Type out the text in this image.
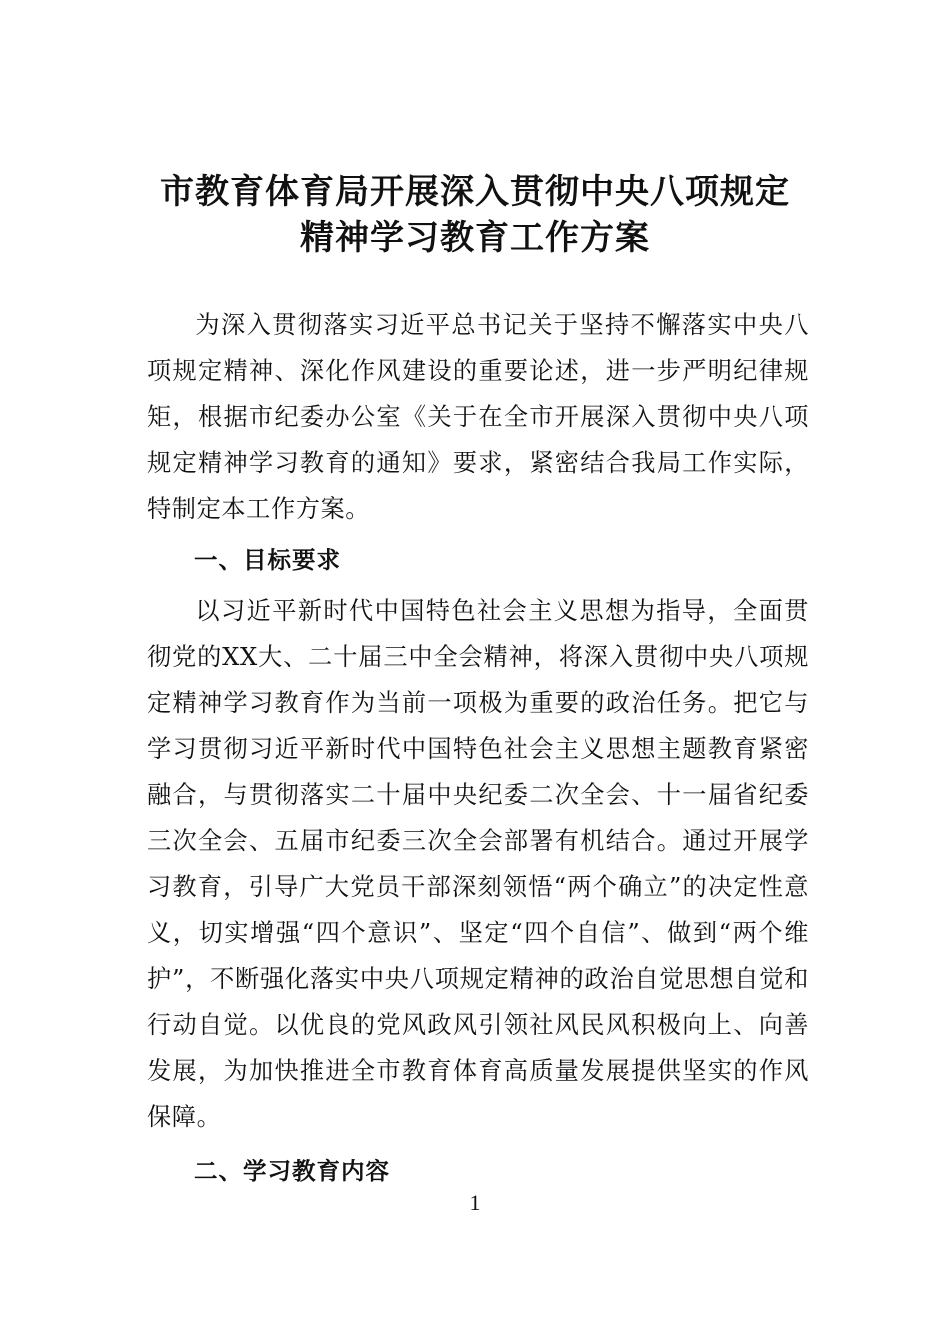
市教育体育局开展深入贯彻中央八项规定
精神学习教育工作方案

为深入贯彻落实习近平总书记关于坚持不懈落实中央八项规定精神、深化作风建设的重要论述，进一步严明纪律规矩，根据市纪委办公室《关于在全市开展深入贯彻中央八项规定精神学习教育的通知》要求，紧密结合我局工作实际，特制定本工作方案。

一、目标要求

以习近平新时代中国特色社会主义思想为指导，全面贯彻党的XX大、二十届三中全会精神，将深入贯彻中央八项规定精神学习教育作为当前一项极为重要的政治任务。把它与学习贯彻习近平新时代中国特色社会主义思想主题教育紧密融合，与贯彻落实二十届中央纪委二次全会、十一届省纪委三次全会、五届市纪委三次全会部署有机结合。通过开展学习教育，引导广大党员干部深刻领悟“两个确立”的决定性意义，切实增强“四个意识”、坚定“四个自信”、做到“两个维护”，不断强化落实中央八项规定精神的政治自觉思想自觉和行动自觉。以优良的党风政风引领社风民风积极向上、向善发展，为加快推进全市教育体育高质量发展提供坚实的作风保障。

二、学习教育内容
1
